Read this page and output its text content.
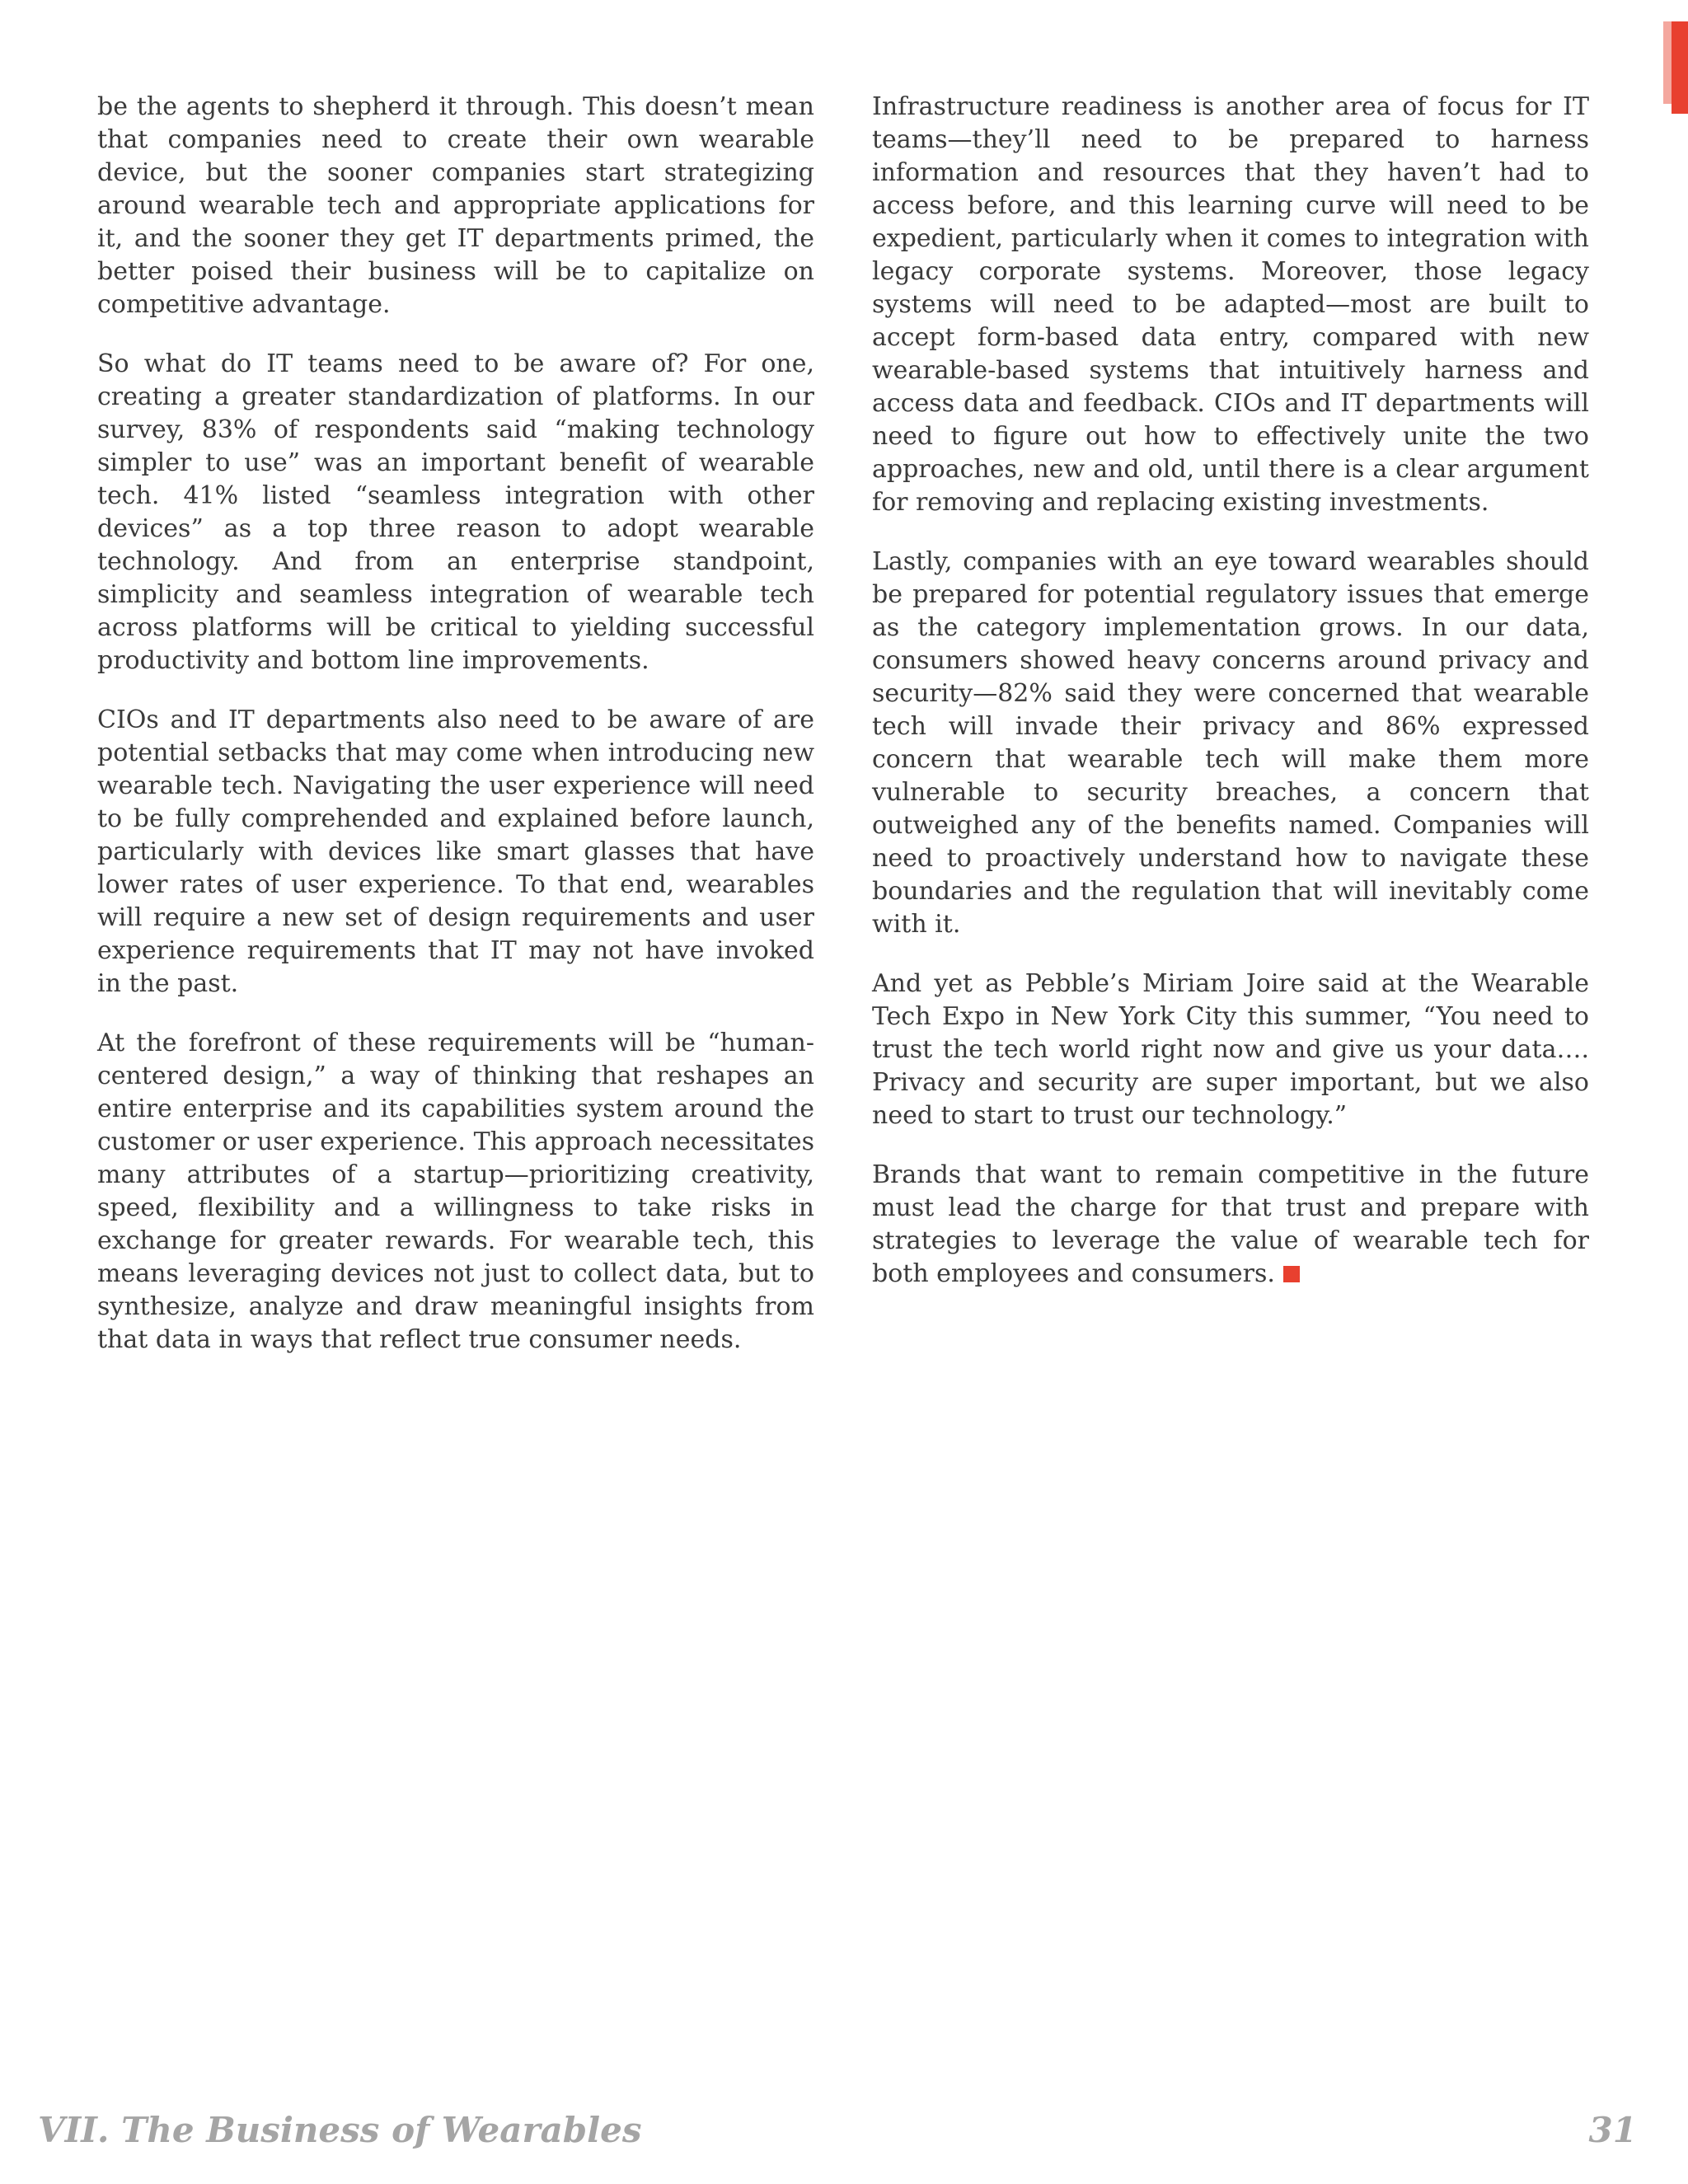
be the agents to shepherd it through. This doesn’t mean that companies need to create their own wearable device, but the sooner companies start strategizing around wearable tech and appropriate applications for it, and the sooner they get IT departments primed, the better poised their business will be to capitalize on competitive advantage.

So what do IT teams need to be aware of? For one, creating a greater standardization of platforms. In our survey, 83% of respondents said “making technology simpler to use” was an important benefit of wearable tech. 41% listed “seamless integration with other devices” as a top three reason to adopt wearable technology. And from an enterprise standpoint, simplicity and seamless integration of wearable tech across platforms will be critical to yielding successful productivity and bottom line improvements.

CIOs and IT departments also need to be aware of are potential setbacks that may come when introducing new wearable tech. Navigating the user experience will need to be fully comprehended and explained before launch, particularly with devices like smart glasses that have lower rates of user experience. To that end, wearables will require a new set of design requirements and user experience requirements that IT may not have invoked in the past.

At the forefront of these requirements will be “human-centered design,” a way of thinking that reshapes an entire enterprise and its capabilities system around the customer or user experience. This approach necessitates many attributes of a startup—prioritizing creativity, speed, flexibility and a willingness to take risks in exchange for greater rewards. For wearable tech, this means leveraging devices not just to collect data, but to synthesize, analyze and draw meaningful insights from that data in ways that reflect true consumer needs.

Infrastructure readiness is another area of focus for IT teams—they’ll need to be prepared to harness information and resources that they haven’t had to access before, and this learning curve will need to be expedient, particularly when it comes to integration with legacy corporate systems. Moreover, those legacy systems will need to be adapted—most are built to accept form-based data entry, compared with new wearable-based systems that intuitively harness and access data and feedback. CIOs and IT departments will need to figure out how to effectively unite the two approaches, new and old, until there is a clear argument for removing and replacing existing investments.

Lastly, companies with an eye toward wearables should be prepared for potential regulatory issues that emerge as the category implementation grows. In our data, consumers showed heavy concerns around privacy and security—82% said they were concerned that wearable tech will invade their privacy and 86% expressed concern that wearable tech will make them more vulnerable to security breaches, a concern that outweighed any of the benefits named. Companies will need to proactively understand how to navigate these boundaries and the regulation that will inevitably come with it.

And yet as Pebble’s Miriam Joire said at the Wearable Tech Expo in New York City this summer, “You need to trust the tech world right now and give us your data…. Privacy and security are super important, but we also need to start to trust our technology.”

Brands that want to remain competitive in the future must lead the charge for that trust and prepare with strategies to leverage the value of wearable tech for both employees and consumers.

VII. The Business of Wearables	31
